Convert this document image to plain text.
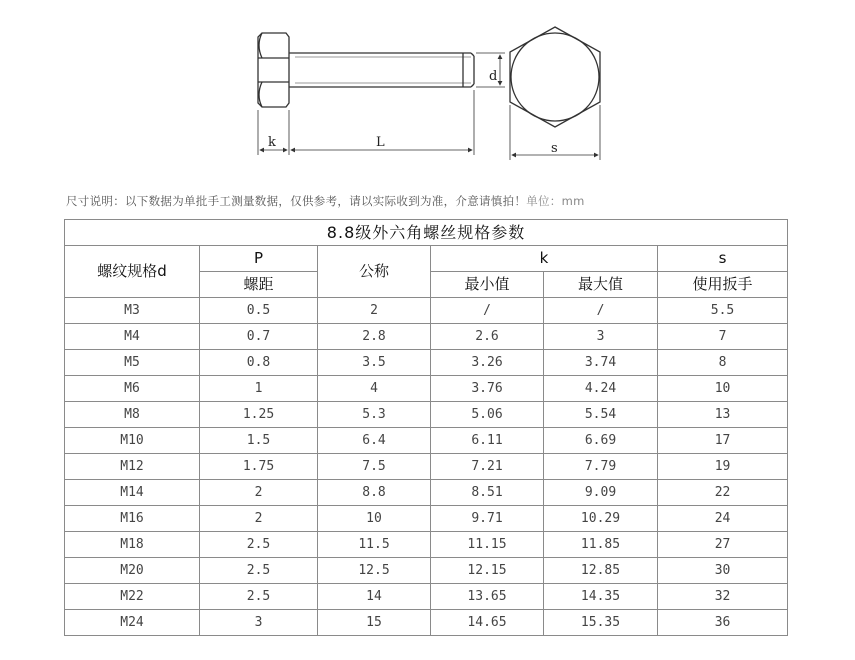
k	L
d
s
尺寸说明：以下数据为单批手工测量数据，仅供参考，请以实际收到为准，介意请慎拍！单位：mm
8.8级外六角螺丝规格参数					
螺纹规格d	P	公称	k		s
	螺距		最小值	最大值	使用扳手
M3	0.5	2	/	/	5.5
M4	0.7	2.8	2.6	3	7
M5	0.8	3.5	3.26	3.74	8
M6	1	4	3.76	4.24	10
M8	1.25	5.3	5.06	5.54	13
M10	1.5	6.4	6.11	6.69	17
M12	1.75	7.5	7.21	7.79	19
M14	2	8.8	8.51	9.09	22
M16	2	10	9.71	10.29	24
M18	2.5	11.5	11.15	11.85	27
M20	2.5	12.5	12.15	12.85	30
M22	2.5	14	13.65	14.35	32
M24	3	15	14.65	15.35	36
